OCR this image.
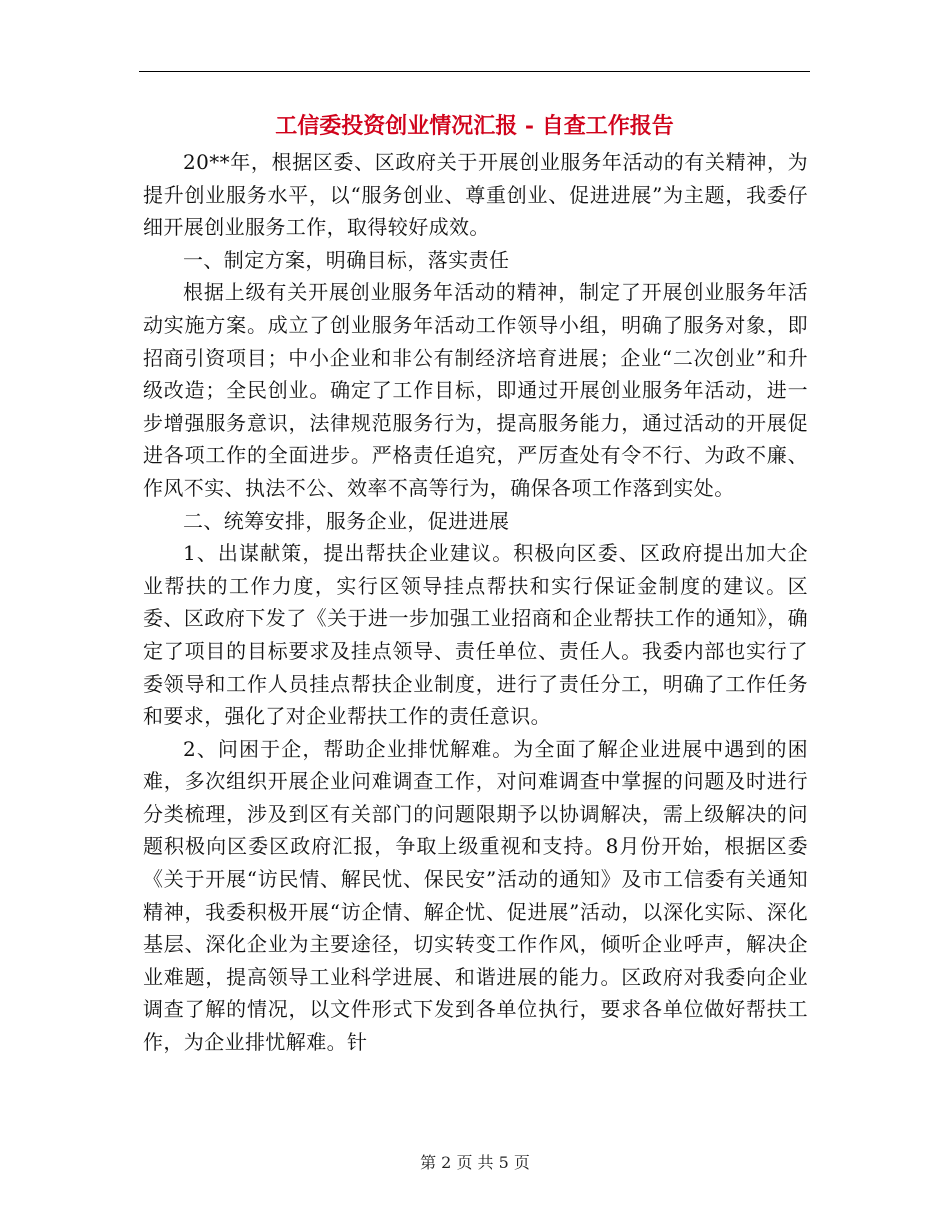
工信委投资创业情况汇报 - 自查工作报告

20**年，根据区委、区政府关于开展创业服务年活动的有关精神，为提升创业服务水平，以“服务创业、尊重创业、促进进展”为主题，我委仔细开展创业服务工作，取得较好成效。

一、制定方案，明确目标，落实责任

根据上级有关开展创业服务年活动的精神，制定了开展创业服务年活动实施方案。成立了创业服务年活动工作领导小组，明确了服务对象，即招商引资项目；中小企业和非公有制经济培育进展；企业“二次创业”和升级改造；全民创业。确定了工作目标，即通过开展创业服务年活动，进一步增强服务意识，法律规范服务行为，提高服务能力，通过活动的开展促进各项工作的全面进步。严格责任追究，严厉查处有令不行、为政不廉、作风不实、执法不公、效率不高等行为，确保各项工作落到实处。

二、统筹安排，服务企业，促进进展

1、出谋献策，提出帮扶企业建议。积极向区委、区政府提出加大企业帮扶的工作力度，实行区领导挂点帮扶和实行保证金制度的建议。区委、区政府下发了《关于进一步加强工业招商和企业帮扶工作的通知》，确定了项目的目标要求及挂点领导、责任单位、责任人。我委内部也实行了委领导和工作人员挂点帮扶企业制度，进行了责任分工，明确了工作任务和要求，强化了对企业帮扶工作的责任意识。

2、问困于企，帮助企业排忧解难。为全面了解企业进展中遇到的困难，多次组织开展企业问难调查工作，对问难调查中掌握的问题及时进行分类梳理，涉及到区有关部门的问题限期予以协调解决，需上级解决的问题积极向区委区政府汇报，争取上级重视和支持。8月份开始，根据区委《关于开展“访民情、解民忧、保民安”活动的通知》及市工信委有关通知精神，我委积极开展“访企情、解企忧、促进展”活动，以深化实际、深化基层、深化企业为主要途径，切实转变工作作风，倾听企业呼声，解决企业难题，提高领导工业科学进展、和谐进展的能力。区政府对我委向企业调查了解的情况，以文件形式下发到各单位执行，要求各单位做好帮扶工作，为企业排忧解难。针

第 2 页 共 5 页
